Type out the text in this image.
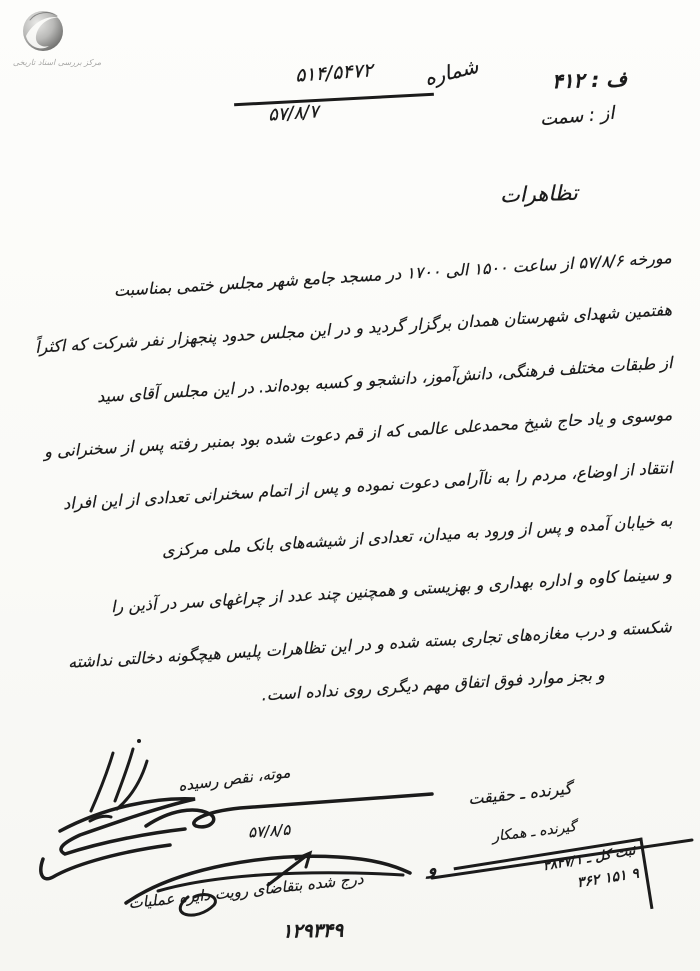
مرکز بررسی اسناد تاریخی	شماره
۵۱۴/۵۴۷۲
۵۷/۸/۷
ف : ۴۱۲
از : سمت
تظاهرات
مورخه ۵۷/۸/۶ از ساعت ۱۵۰۰ الی ۱۷۰۰ در مسجد جامع شهر مجلس ختمی بمناسبت
هفتمین شهدای شهرستان همدان برگزار گردید و در این مجلس حدود پنجهزار نفر شرکت که اکثراً
از طبقات مختلف فرهنگی، دانش‌آموز، دانشجو و کسبه بوده‌اند. در این مجلس آقای سید
موسوی و یاد حاج شیخ محمدعلی عالمی که از قم دعوت شده بود بمنبر رفته پس از سخنرانی و
انتقاد از اوضاع، مردم را به ناآرامی دعوت نموده و پس از اتمام سخنرانی تعدادی از این افراد
به خیابان آمده و پس از ورود به میدان، تعدادی از شیشه‌های بانک ملی مرکزی
و سینما کاوه و اداره بهداری و بهزیستی و همچنین چند عدد از چراغهای سر در آذین را
شکسته و درب مغازه‌های تجاری بسته شده و در این تظاهرات پلیس هیچگونه دخالتی نداشته
و بجز موارد فوق اتفاق مهم دیگری روی نداده است.
موته، نقص رسیده
۵۷/۸/۵
گیرنده ـ حقیقت
گیرنده ـ همکار
و	ثبت کل ـ ۳۸۴۷/۱
۹ ۱۵۱ ۳۶۲
درج شده بتقاضای رویت دایره عملیات
۱۲۹۳۴۹
